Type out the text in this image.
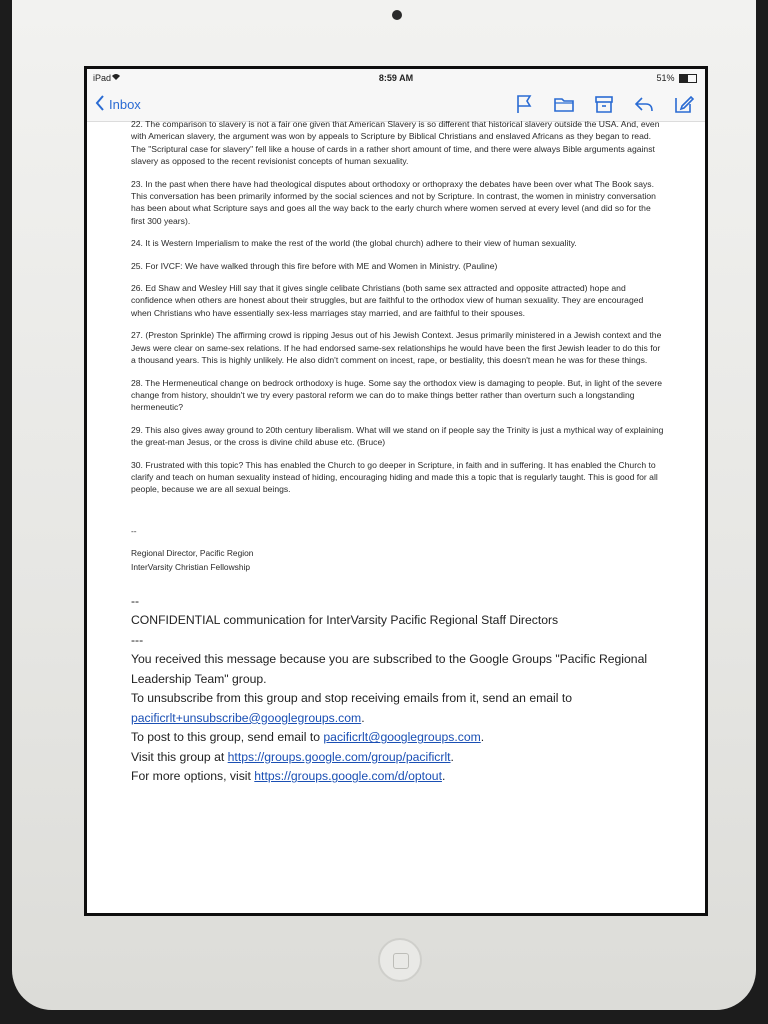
iPad	8:59 AM	51%
Inbox

22. The comparison to slavery is not a fair one given that American Slavery is so different that historical slavery outside the USA. And, even with American slavery, the argument was won by appeals to Scripture by Biblical Christians and enslaved Africans as they began to read. The "Scriptural case for slavery" fell like a house of cards in a rather short amount of time, and there were always Bible arguments against slavery as opposed to the recent revisionist concepts of human sexuality.

23. In the past when there have had theological disputes about orthodoxy or orthopraxy the debates have been over what The Book says. This conversation has been primarily informed by the social sciences and not by Scripture. In contrast, the women in ministry conversation has been about what Scripture says and goes all the way back to the early church where women served at every level (and did so for the first 300 years).

24. It is Western Imperialism to make the rest of the world (the global church) adhere to their view of human sexuality.

25. For IVCF: We have walked through this fire before with ME and Women in Ministry. (Pauline)

26. Ed Shaw and Wesley Hill say that it gives single celibate Christians (both same sex attracted and opposite attracted) hope and confidence when others are honest about their struggles, but are faithful to the orthodox view of human sexuality. They are encouraged when Christians who have essentially sex-less marriages stay married, and are faithful to their spouses.

27. (Preston Sprinkle) The affirming crowd is ripping Jesus out of his Jewish Context. Jesus primarily ministered in a Jewish context and the Jews were clear on same-sex relations. If he had endorsed same-sex relationships he would have been the first Jewish leader to do this for a thousand years. This is highly unlikely. He also didn't comment on incest, rape, or bestiality, this doesn't mean he was for these things.

28. The Hermeneutical change on bedrock orthodoxy is huge. Some say the orthodox view is damaging to people. But, in light of the severe change from history, shouldn't we try every pastoral reform we can do to make things better rather than overturn such a longstanding hermeneutic?

29. This also gives away ground to 20th century liberalism. What will we stand on if people say the Trinity is just a mythical way of explaining the great-man Jesus, or the cross is divine child abuse etc. (Bruce)

30. Frustrated with this topic? This has enabled the Church to go deeper in Scripture, in faith and in suffering. It has enabled the Church to clarify and teach on human sexuality instead of hiding, encouraging hiding and made this a topic that is regularly taught. This is good for all people, because we are all sexual beings.

--

Regional Director, Pacific Region

InterVarsity Christian Fellowship

--

CONFIDENTIAL communication for InterVarsity Pacific Regional Staff Directors

---

You received this message because you are subscribed to the Google Groups "Pacific Regional Leadership Team" group.

To unsubscribe from this group and stop receiving emails from it, send an email to pacificrlt+unsubscribe@googlegroups.com.

To post to this group, send email to pacificrlt@googlegroups.com.

Visit this group at https://groups.google.com/group/pacificrlt.

For more options, visit https://groups.google.com/d/optout.
